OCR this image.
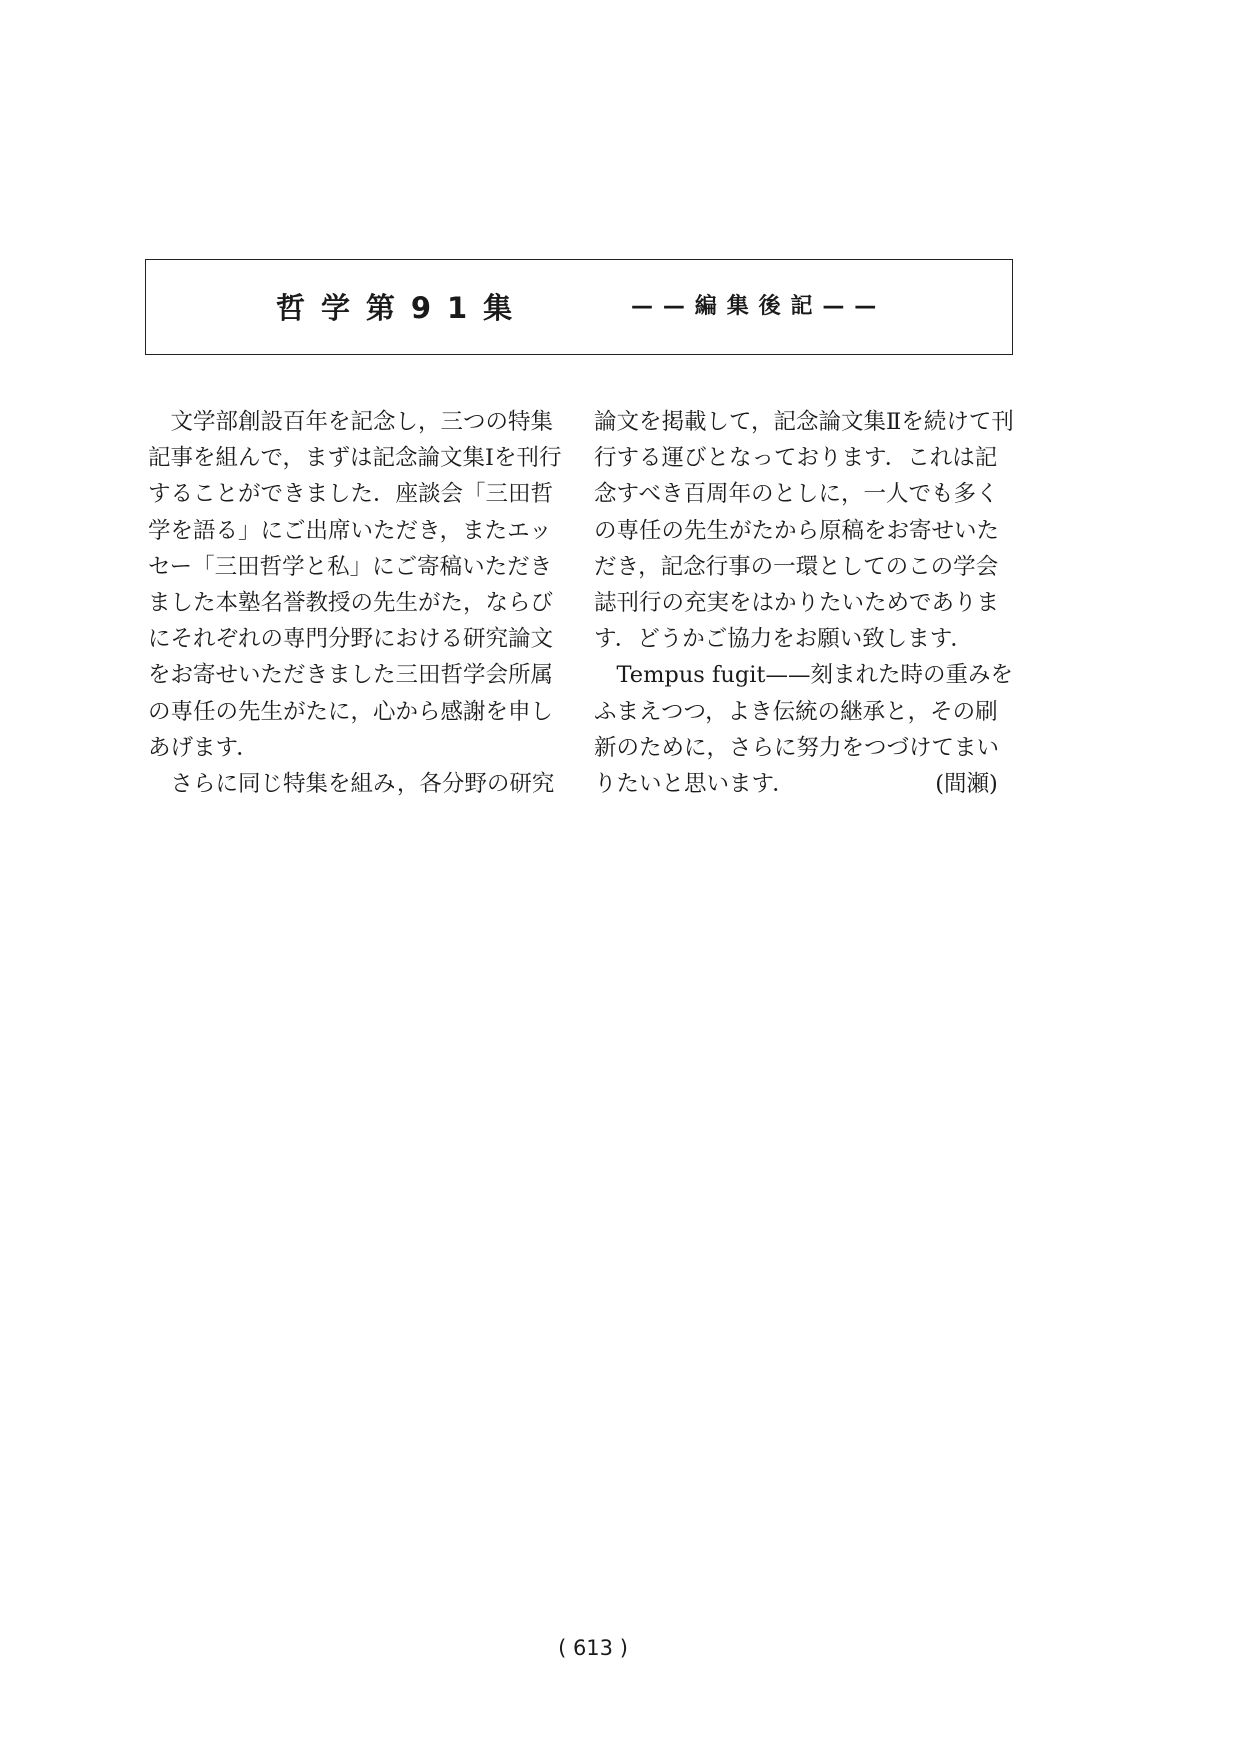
哲学第91集	——編集後記——

文学部創設百年を記念し，三つの特集記事を組んで，まずは記念論文集Ⅰを刊行することができました．座談会「三田哲学を語る」にご出席いただき，またエッセー「三田哲学と私」にご寄稿いただきました本塾名誉教授の先生がた，ならびにそれぞれの専門分野における研究論文をお寄せいただきました三田哲学会所属の専任の先生がたに，心から感謝を申しあげます．

さらに同じ特集を組み，各分野の研究

論文を掲載して，記念論文集Ⅱを続けて刊行する運びとなっております．これは記念すべき百周年のとしに，一人でも多くの専任の先生がたから原稿をお寄せいただき，記念行事の一環としてのこの学会誌刊行の充実をはかりたいためであります．どうかご協力をお願い致します．

Tempus fugit——刻まれた時の重みをふまえつつ，よき伝統の継承と，その刷新のために，さらに努力をつづけてまいりたいと思います．	(間瀬)

( 613 )
